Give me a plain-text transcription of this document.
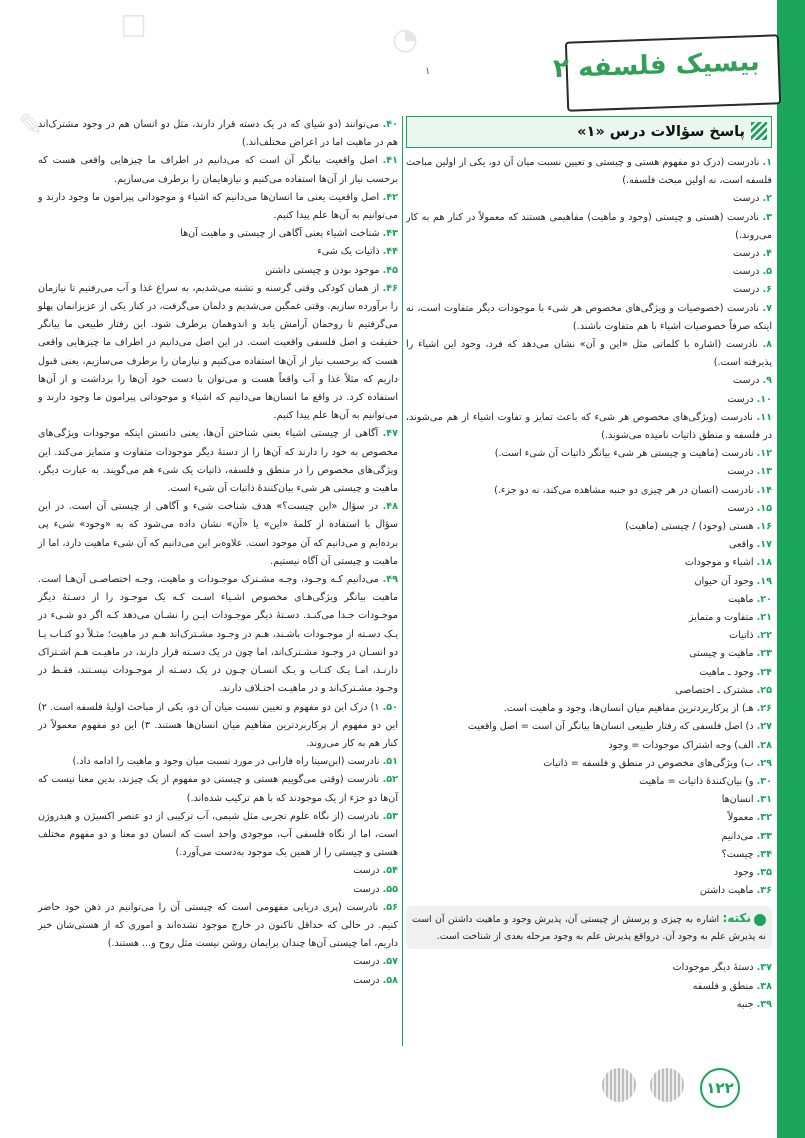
☐	◔
✎
بیسیک فلسفه ۲
۱
پاسخ سؤالات درس «۱»
۱. نادرست (درک دو مفهوم هستی و چیستی و تعیین نسبت میان آن دو، یکی از اولین مباحث فلسفه است، نه اولین مبحث فلسفه.)
۲. درست
۳. نادرست (هستی و چیستی (وجود و ماهیت) مفاهیمی هستند که معمولاً در کنار هم به کار می‌روند.)
۴. درست
۵. درست
۶. درست
۷. نادرست (خصوصیات و ویژگی‌های مخصوص هر شیء با موجودات دیگر متفاوت است، نه اینکه صرفاً خصوصیات اشیاء با هم متفاوت باشند.)
۸. نادرست (اشاره با کلماتی مثل «این و آن» نشان می‌دهد که فرد، وجود این اشیاء را پذیرفته است.)
۹. درست
۱۰. درست
۱۱. نادرست (ویژگی‌های مخصوص هر شیء که باعث تمایز و تفاوت اشیاء از هم می‌شوند، در فلسفه و منطق ذاتیات نامیده می‌شوند.)
۱۲. نادرست (ماهیت و چیستی هر شیء بیانگر ذاتیات آن شیء است.)
۱۳. درست
۱۴. نادرست (انسان در هر چیزی دو جنبه مشاهده می‌کند، نه دو جزء.)
۱۵. درست
۱۶. هستی (وجود) / چیستی (ماهیت)
۱۷. واقعی
۱۸. اشیاء و موجودات
۱۹. وجود آن حیوان
۲۰. ماهیت
۲۱. متفاوت و متمایز
۲۲. ذاتیات
۲۳. ماهیت و چیستی
۲۴. وجود ـ ماهیت
۲۵. مشترک ـ اختصاصی
۲۶. هـ) از پرکاربردترین مفاهیم میان انسان‌ها، وجود و ماهیت است.
۲۷. د) اصل فلسفی که رفتار طبیعی انسان‌ها بیانگر آن است = اصل واقعیت
۲۸. الف) وجه اشتراک موجودات = وجود
۲۹. ب) ویژگی‌های مخصوص در منطق و فلسفه = ذاتیات
۳۰. و) بیان‌کنندهٔ ذاتیات = ماهیت
۳۱. انسان‌ها
۳۲. معمولاً
۳۳. می‌دانیم
۳۴. چیست؟
۳۵. وجود
۳۶. ماهیت داشتن
نکته: اشاره به چیزی و پرسش از چیستی آن، پذیرش وجود و ماهیت داشتن آن است نه پذیرش علم به وجود آن. درواقع پذیرش علم به وجود مرحله بعدی از شناخت است.
۳۷. دستهٔ دیگر موجودات
۳۸. منطق و فلسفه
۳۹. جنبه
۴۰. می‌توانند (دو شیای که در یک دسته قرار دارند، مثل دو انسان هم در وجود مشترک‌اند هم در ماهیت اما در اعراض مختلف‌اند.)
۴۱. اصل واقعیت بیانگر آن است که می‌دانیم در اطراف ما چیزهایی واقعی هست که برحسب نیاز از آن‌ها استفاده می‌کنیم و نیازهایمان را برطرف می‌سازیم.
۴۲. اصل واقعیت یعنی ما انسان‌ها می‌دانیم که اشیاء و موجوداتی پیرامون ما وجود دارند و می‌توانیم به آن‌ها علم پیدا کنیم.
۴۳. شناخت اشیاء یعنی آگاهی از چیستی و ماهیت آن‌ها
۴۴. ذاتیات یک شیء
۴۵. موجود بودن و چیستی داشتن
۴۶. از همان کودکی وقتی گرسنه و تشنه می‌شدیم، به سراغ غذا و آب می‌رفتیم تا نیازمان را برآورده سازیم. وقتی غمگین می‌شدیم و دلمان می‌گرفت، در کنار یکی از عزیزانمان پهلو می‌گرفتیم تا روحمان آرامش یابد و اندوهمان برطرف شود. این رفتار طبیعی ما بیانگر حقیقت و اصل فلسفی واقعیت است. در این اصل می‌دانیم در اطراف ما چیزهایی واقعی هست که برحسب نیاز از آن‌ها استفاده می‌کنیم و نیازمان را برطرف می‌سازیم، یعنی قبول داریم که مثلاً غذا و آب واقعاً هست و می‌توان با دست خود آن‌ها را برداشت و از آن‌ها استفاده کرد. در واقع ما انسان‌ها می‌دانیم که اشیاء و موجوداتی پیرامون ما وجود دارند و می‌توانیم به آن‌ها علم پیدا کنیم.
۴۷. آگاهی از چیستی اشیاء یعنی شناختن آن‌ها، یعنی دانستن اینکه موجودات ویژگی‌های مخصوص به خود را دارند که آن‌ها را از دستهٔ دیگر موجودات متفاوت و متمایز می‌کند. این ویژگی‌های مخصوص را در منطق و فلسفه، ذاتیات یک شیء هم می‌گویند. به عبارت دیگر، ماهیت و چیستی هر شیء بیان‌کنندهٔ ذاتیات آن شیء است.
۴۸. در سؤال «این چیست؟» هدف شناخت شیء و آگاهی از چیستی آن است. در این سؤال با استفاده از کلمهٔ «این» یا «آن» نشان داده می‌شود که به «وجود» شیء پی برده‌ایم و می‌دانیم که آن موجود است. علاوه‌بر این می‌دانیم که آن شیء ماهیت دارد، اما از ماهیت و چیستی آن آگاه نیستیم.
۴۹. می‌دانیم کـه وجـود، وجـه مشـترک موجـودات و ماهیت، وجـه اختصاصـی آن‌هـا است. ماهیت بیانگر ویژگی‌هـای مخصوص اشـیاء اسـت کـه یک موجـود را از دسـتهٔ دیگر موجـودات جـدا می‌کنـد. دسـتهٔ دیگر موجـودات ایـن را نشـان می‌دهد کـه اگر دو شـیء در یـک دسـته از موجـودات باشـند، هـم در وجـود مشـترک‌اند هـم در ماهیت؛ مثـلاً دو کتـاب یـا دو انسـان در وجـود مشـترک‌اند، اما چون در یک دسـته قرار دارند، در ماهیـت هـم اشـتراک دارنـد، امـا یـک کتـاب و یـک انسـان چـون در یک دسـته از موجـودات نیسـتند، فقـط در وجـود مشـترک‌اند و در ماهیـت اختـلاف دارند.
۵۰. ۱) درک این دو مفهوم و تعیین نسبت میان آن دو، یکی از مباحث اولیهٔ فلسفه است. ۲) این دو مفهوم از پرکاربردترین مفاهیم میان انسان‌ها هستند. ۳) این دو مفهوم معمولاً در کنار هم به کار می‌روند.
۵۱. نادرست (ابن‌سینا راه فارابی در مورد نسبت میان وجود و ماهیت را ادامه داد.)
۵۲. نادرست (وقتی می‌گوییم هستی و چیستی دو مفهوم از یک چیزند، بدین معنا نیست که آن‌ها دو جزء از یک موجودند که با هم ترکیب شده‌اند.)
۵۳. نادرست (از نگاه علوم تجربی مثل شیمی، آب ترکیبی از دو عنصر اکسیژن و هیدروژن است، اما از نگاه فلسفی آب، موجودی واحد است که انسان دو معنا و دو مفهوم مختلف هستی و چیستی را از همین یک موجود به‌دست می‌آورد.)
۵۴. درست
۵۵. درست
۵۶. نادرست (پری دریایی مفهومی است که چیستی آن را می‌توانیم در ذهن خود حاضر کنیم. در حالی که حداقل تاکنون در خارج موجود نشده‌اند و اموری که از هستی‌شان خبر داریم، اما چیستی آن‌ها چندان برایمان روشن نیست مثل روح و... هستند.)
۵۷. درست
۵۸. درست
۱۲۲
